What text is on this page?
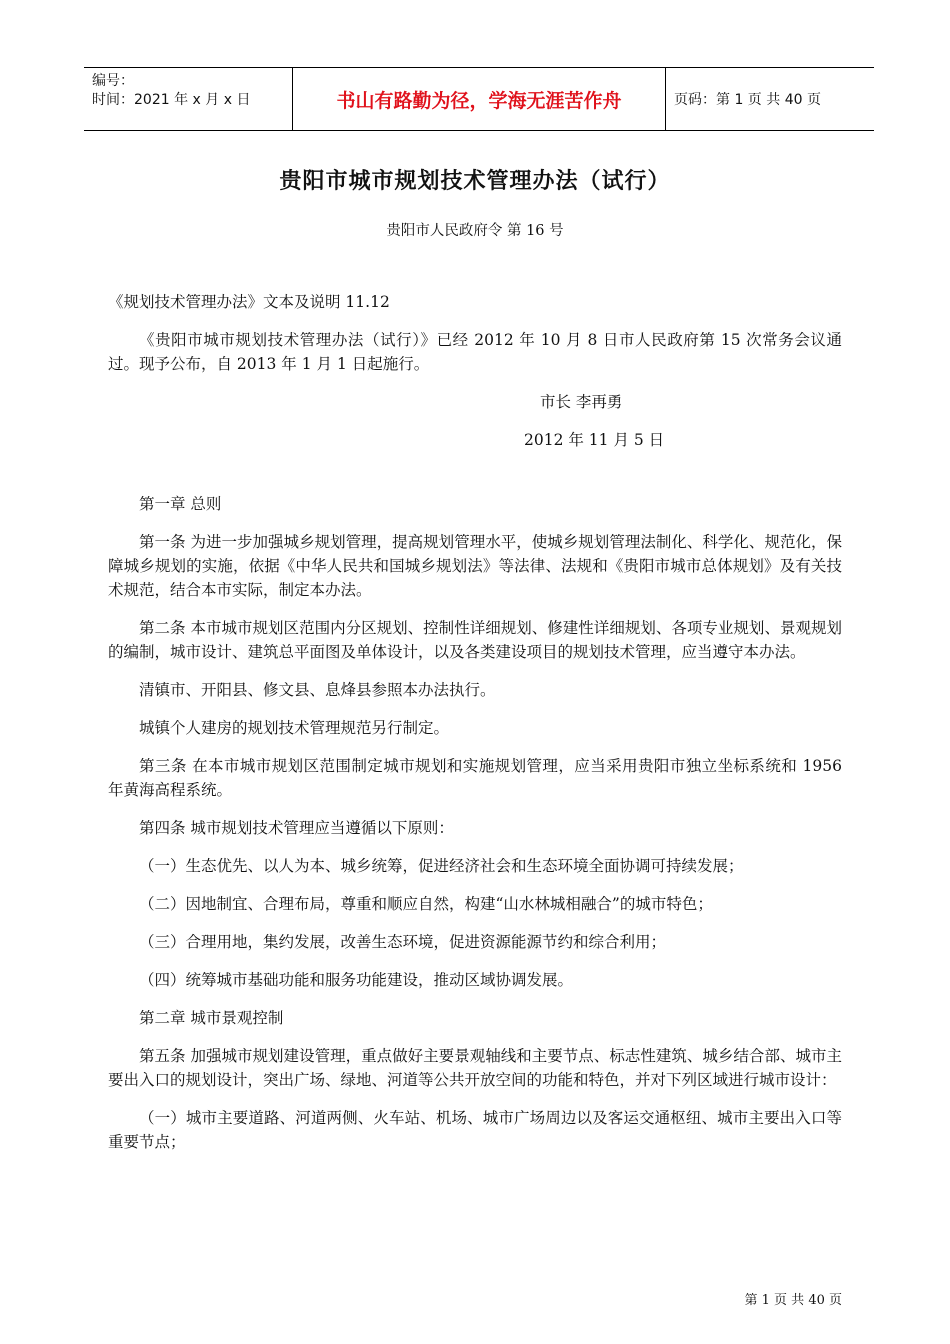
编号：
时间：2021 年 x 月 x 日	书山有路勤为径，学海无涯苦作舟	页码：第 1 页 共 40 页
贵阳市城市规划技术管理办法（试行）
贵阳市人民政府令 第 16 号

《规划技术管理办法》文本及说明 11.12

《贵阳市城市规划技术管理办法（试行）》已经 2012 年 10 月 8 日市人民政府第 15 次常务会议通过。现予公布，自 2013 年 1 月 1 日起施行。

市长 李再勇

2012 年 11 月 5 日

第一章 总则

第一条 为进一步加强城乡规划管理，提高规划管理水平，使城乡规划管理法制化、科学化、规范化，保障城乡规划的实施，依据《中华人民共和国城乡规划法》等法律、法规和《贵阳市城市总体规划》及有关技术规范，结合本市实际，制定本办法。

第二条 本市城市规划区范围内分区规划、控制性详细规划、修建性详细规划、各项专业规划、景观规划的编制，城市设计、建筑总平面图及单体设计，以及各类建设项目的规划技术管理，应当遵守本办法。

清镇市、开阳县、修文县、息烽县参照本办法执行。

城镇个人建房的规划技术管理规范另行制定。

第三条 在本市城市规划区范围制定城市规划和实施规划管理，应当采用贵阳市独立坐标系统和 1956 年黄海高程系统。

第四条 城市规划技术管理应当遵循以下原则：

（一）生态优先、以人为本、城乡统筹，促进经济社会和生态环境全面协调可持续发展；

（二）因地制宜、合理布局，尊重和顺应自然，构建“山水林城相融合”的城市特色；

（三）合理用地，集约发展，改善生态环境，促进资源能源节约和综合利用；

（四）统筹城市基础功能和服务功能建设，推动区域协调发展。

第二章 城市景观控制

第五条 加强城市规划建设管理，重点做好主要景观轴线和主要节点、标志性建筑、城乡结合部、城市主要出入口的规划设计，突出广场、绿地、河道等公共开放空间的功能和特色，并对下列区域进行城市设计：

（一）城市主要道路、河道两侧、火车站、机场、城市广场周边以及客运交通枢纽、城市主要出入口等重要节点；

第 1 页 共 40 页
